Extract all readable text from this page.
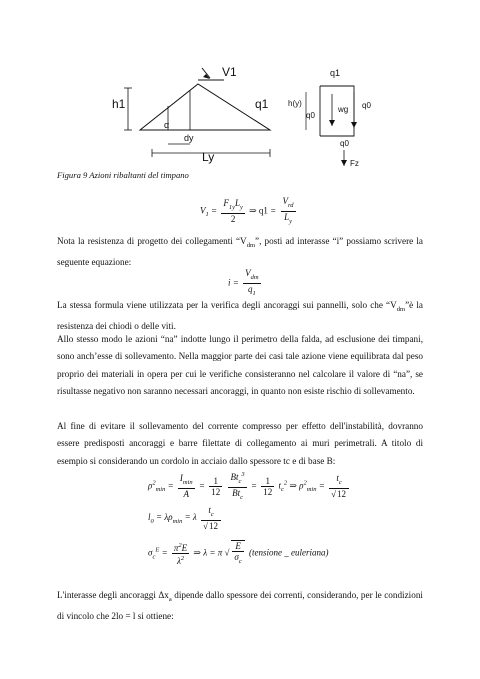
V1
h1	q1
α
dy
Ly
q1
h(y)
q0
wg q0
q0
Fz
Figura 9 Azioni ribaltanti del timpano
$V_1 = \frac{F_{1y}L_y}{2}$ ⇒ $q1 = \frac{V_{rd}}{L_y}$

Nota la resistenza di progetto dei collegamenti “$V_{dm}$”, posti ad interasse “i” possiamo scrivere la seguente equazione:

$i = \frac{V_{dm}}{q_1}$

La stessa formula viene utilizzata per la verifica degli ancoraggi sui pannelli, solo che “$V_{dm}”è$ la resistenza dei chiodi o delle viti.

Allo stesso modo le azioni “na” indotte lungo il perimetro della falda, ad esclusione dei timpani, sono anch’esse di sollevamento. Nella maggior parte dei casi tale azione viene equilibrata dal peso proprio dei materiali in opera per cui le verifiche consisteranno nel calcolare il valore di “na”, se risultasse negativo non saranno necessari ancoraggi, in quanto non esiste rischio di sollevamento.

Al fine di evitare il sollevamento del corrente compresso per effetto dell'instabilità, dovranno essere predisposti ancoraggi e barre filettate di collegamento ai muri perimetrali. A titolo di esempio si considerando un cordolo in acciaio dallo spessore tc e di base B:

$\rho^2_{min} = \frac{I_{min}}{A} = \frac{1}{12}$
$\frac{Bt_c^3}{Bt_c} = \frac{1}{12} t_c^2$ ⇒ $\rho^2_{min} = \frac{t_c}{√12}$
$l_0 = \lambda\rho_{min} = \lambda \frac{t_c}{√12}$
$\sigma_c^E = \frac{\pi^2E}{\lambda^2}$ ⇒ λ = π √ $\frac{E}{\sigma_c}$ (tensione _ euleriana)

L'interasse degli ancoraggi $\Delta x_a$ dipende dallo spessore dei correnti, considerando, per le condizioni di vincolo che 2lo = l si ottiene:
